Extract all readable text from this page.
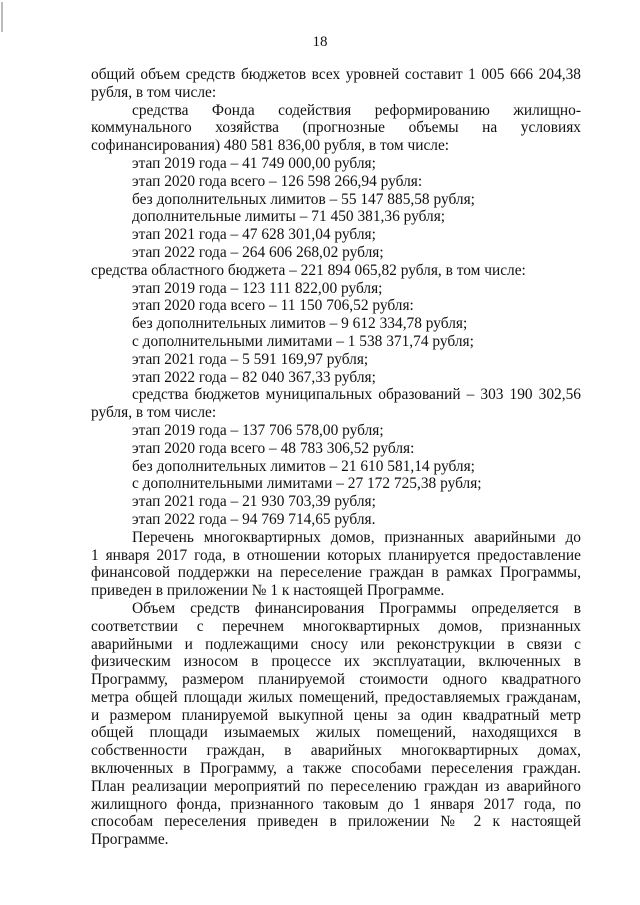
18
общий объем средств бюджетов всех уровней составит 1 005 666 204,38
рубля, в том числе:
средства Фонда содействия реформированию жилищно-
коммунального хозяйства (прогнозные объемы на условиях
софинансирования) 480 581 836,00 рубля, в том числе:
этап 2019 года – 41 749 000,00 рубля;
этап 2020 года всего – 126 598 266,94 рубля:
без дополнительных лимитов – 55 147 885,58 рубля;
дополнительные лимиты – 71 450 381,36 рубля;
этап 2021 года – 47 628 301,04 рубля;
этап 2022 года – 264 606 268,02 рубля;
средства областного бюджета – 221 894 065,82 рубля, в том числе:
этап 2019 года – 123 111 822,00 рубля;
этап 2020 года всего – 11 150 706,52 рубля:
без дополнительных лимитов – 9 612 334,78 рубля;
с дополнительными лимитами – 1 538 371,74 рубля;
этап 2021 года – 5 591 169,97 рубля;
этап 2022 года – 82 040 367,33 рубля;
средства бюджетов муниципальных образований – 303 190 302,56
рубля, в том числе:
этап 2019 года – 137 706 578,00 рубля;
этап 2020 года всего – 48 783 306,52 рубля:
без дополнительных лимитов – 21 610 581,14 рубля;
с дополнительными лимитами – 27 172 725,38 рубля;
этап 2021 года – 21 930 703,39 рубля;
этап 2022 года – 94 769 714,65 рубля.
Перечень многоквартирных домов, признанных аварийными до
1 января 2017 года, в отношении которых планируется предоставление
финансовой поддержки на переселение граждан в рамках Программы,
приведен в приложении № 1 к настоящей Программе.
Объем средств финансирования Программы определяется в
соответствии с перечнем многоквартирных домов, признанных
аварийными и подлежащими сносу или реконструкции в связи с
физическим износом в процессе их эксплуатации, включенных в
Программу, размером планируемой стоимости одного квадратного
метра общей площади жилых помещений, предоставляемых гражданам,
и размером планируемой выкупной цены за один квадратный метр
общей площади изымаемых жилых помещений, находящихся в
собственности граждан, в аварийных многоквартирных домах,
включенных в Программу, а также способами переселения граждан.
План реализации мероприятий по переселению граждан из аварийного
жилищного фонда, признанного таковым до 1 января 2017 года, по
способам переселения приведен в приложении № 2 к настоящей
Программе.
